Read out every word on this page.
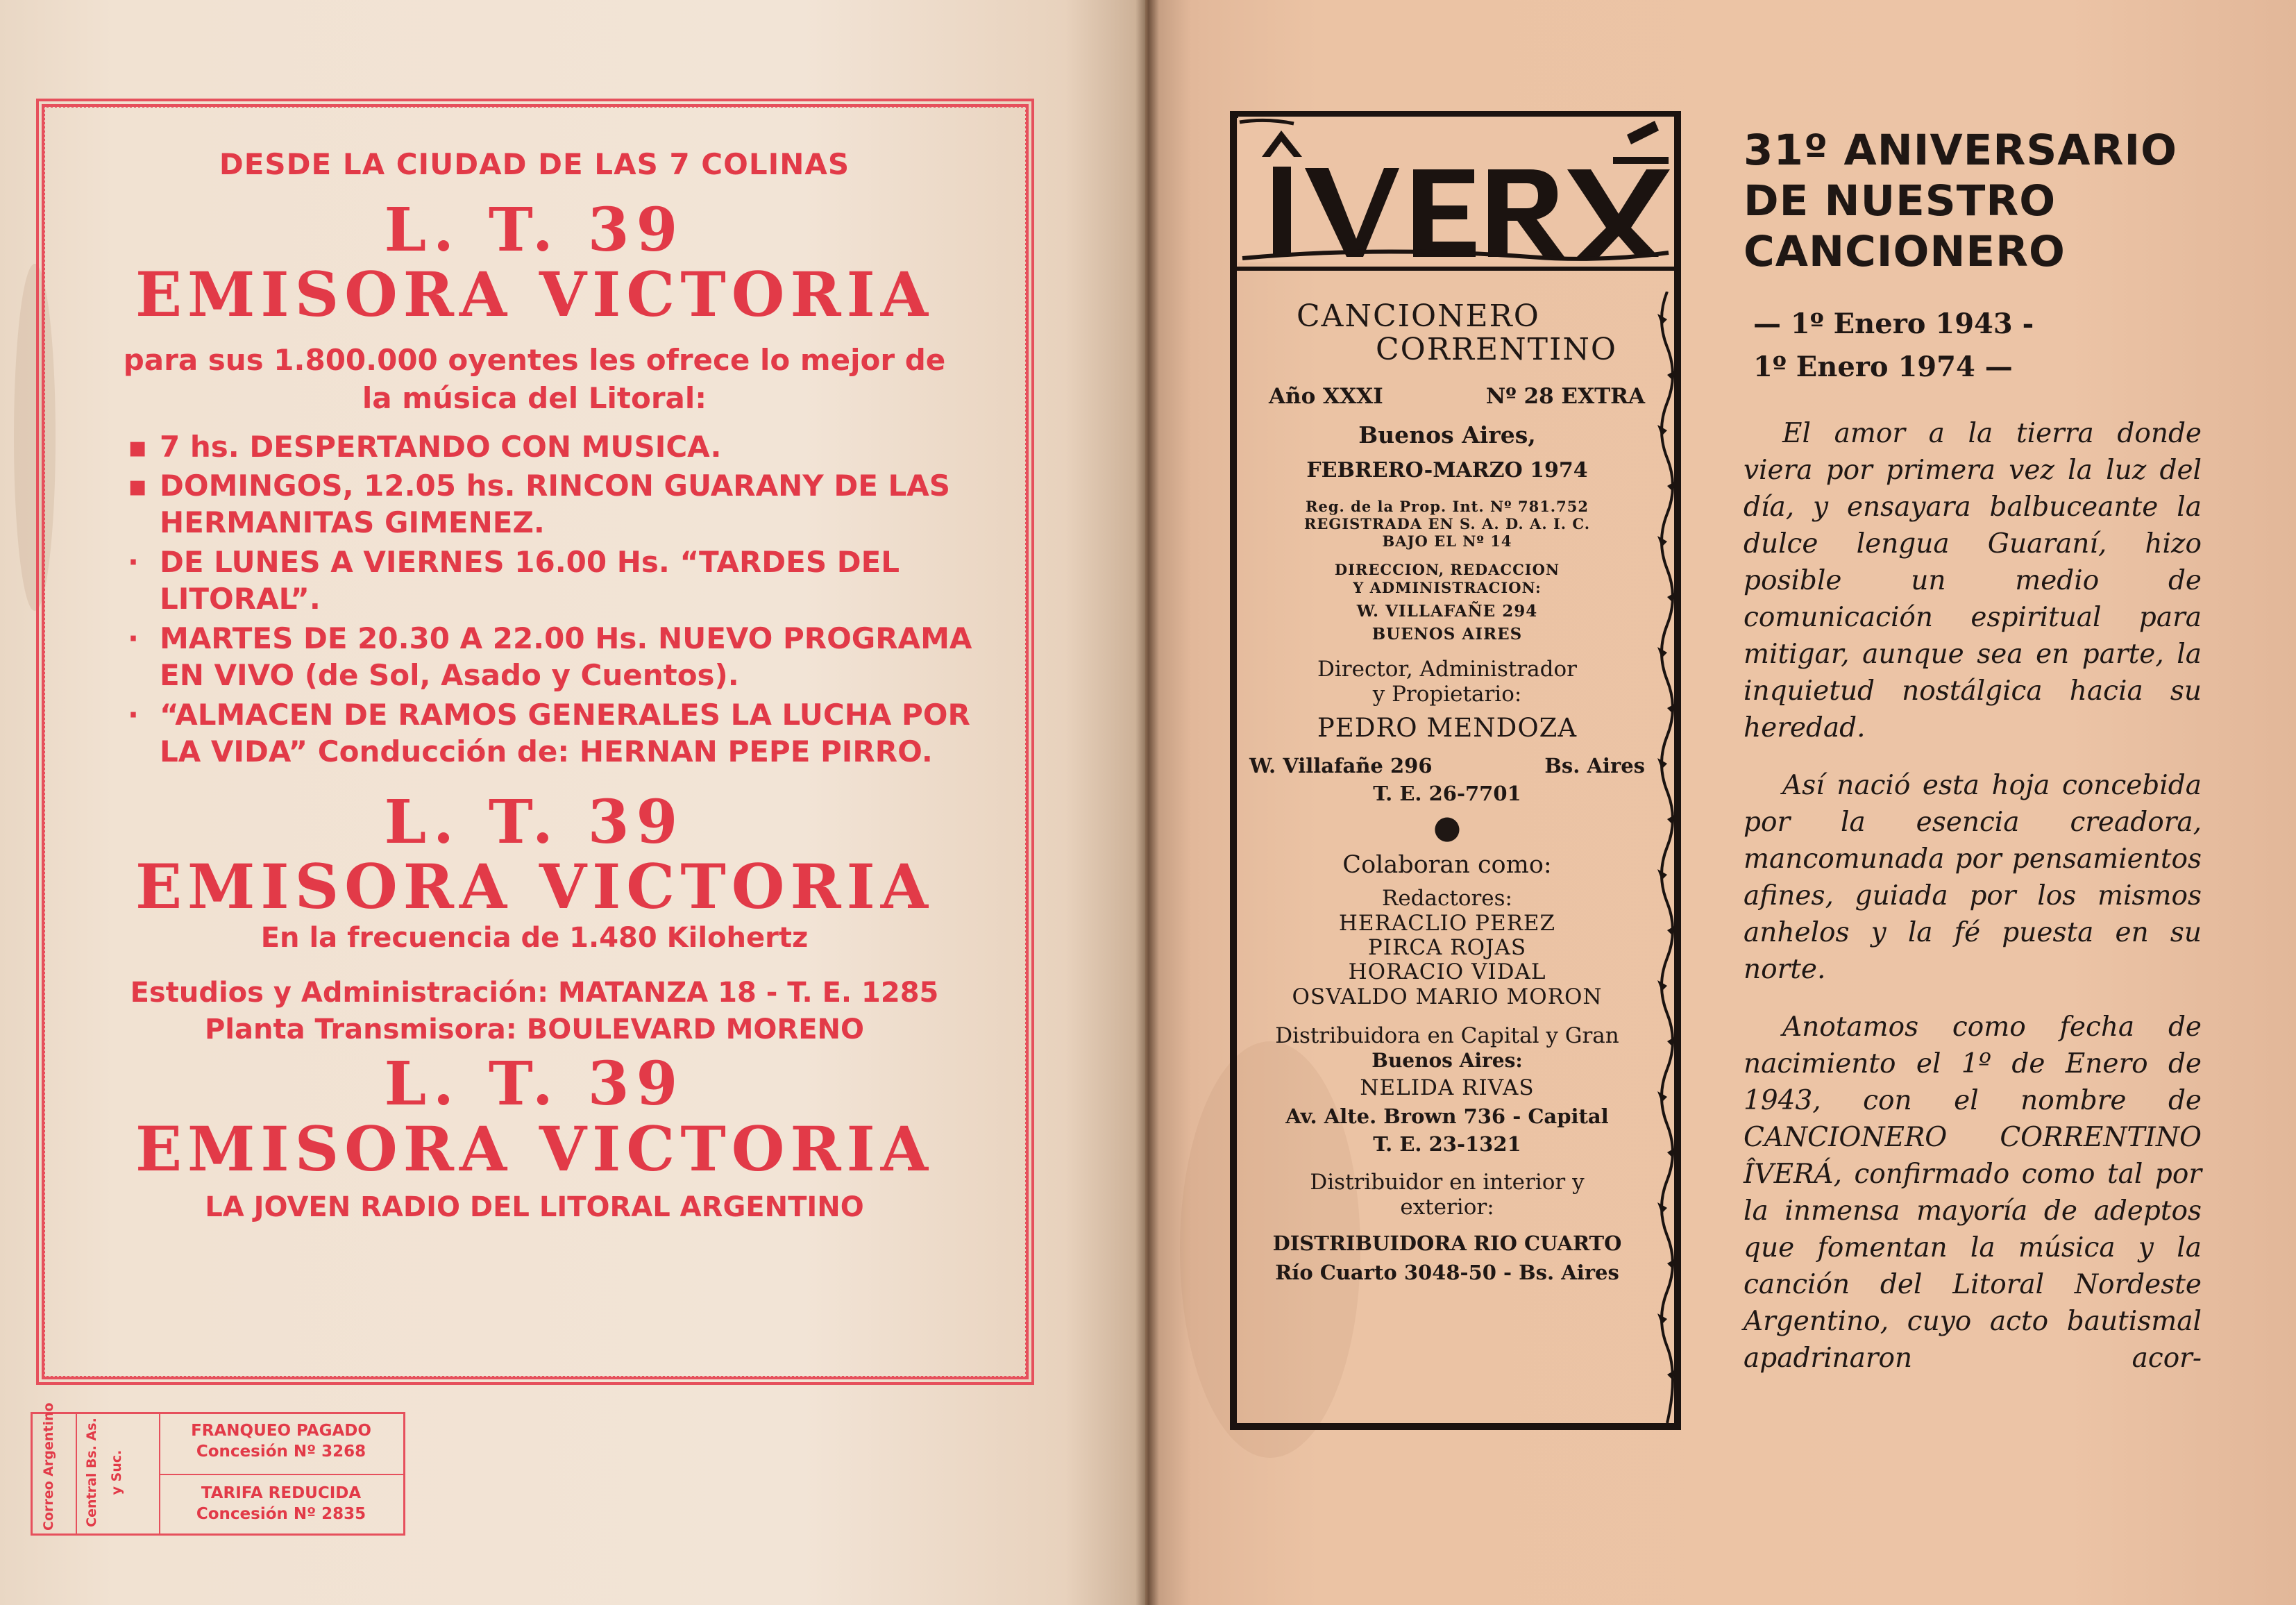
DESDE LA CIUDAD DE LAS 7 COLINAS
L. T. 39
EMISORA VICTORIA
para sus 1.800.000 oyentes les ofrece lo mejor de la música del Litoral:
▪ 7 hs. DESPERTANDO CON MUSICA.
▪ DOMINGOS, 12.05 hs. RINCON GUARANY DE LAS HERMANITAS GIMENEZ.
· DE LUNES A VIERNES 16.00 Hs. “TARDES DEL LITORAL”.
· MARTES DE 20.30 A 22.00 Hs. NUEVO PROGRAMA EN VIVO (de Sol, Asado y Cuentos).
· “ALMACEN DE RAMOS GENERALES LA LUCHA POR LA VIDA” Conducción de: HERNAN PEPE PIRRO.
L. T. 39
EMISORA VICTORIA
En la frecuencia de 1.480 Kilohertz
Estudios y Administración: MATANZA 18 - T. E. 1285
Planta Transmisora: BOULEVARD MORENO
L. T. 39
EMISORA VICTORIA
LA JOVEN RADIO DEL LITORAL ARGENTINO
Correo Argentino Central Bs. As. y Suc.
FRANQUEO PAGADO
Concesión Nº 3268
TARIFA REDUCIDA
Concesión Nº 2835
CANCIONERO
CORRENTINO
Año XXXI	Nº 28 EXTRA
Buenos Aires,
FEBRERO-MARZO 1974
Reg. de la Prop. Int. Nº 781.752
REGISTRADA EN S. A. D. A. I. C.
BAJO EL Nº 14
DIRECCION, REDACCION
Y ADMINISTRACION:
W. VILLAFAÑE 294
BUENOS AIRES
Director, Administrador
y Propietario:
PEDRO MENDOZA
W. Villafañe 296	Bs. Aires
T. E. 26-7701
●
Colaboran como:
Redactores:
HERACLIO PEREZ
PIRCA ROJAS
HORACIO VIDAL
OSVALDO MARIO MORON
Distribuidora en Capital y Gran
Buenos Aires:
NELIDA RIVAS
Av. Alte. Brown 736 - Capital
T. E. 23-1321
Distribuidor en interior y
exterior:
DISTRIBUIDORA RIO CUARTO
Río Cuarto 3048-50 - Bs. Aires
31º ANIVERSARIO
DE NUESTRO
CANCIONERO
— 1º Enero 1943 -
1º Enero 1974 —

El amor a la tierra donde viera por primera vez la luz del día, y ensayara balbuceante la dulce lengua Guaraní, hizo posible un medio de comunicación espiritual para mitigar, aunque sea en parte, la inquietud nostálgica hacia su heredad.

Así nació esta hoja concebida por la esencia creadora, mancomunada por pensamientos afines, guiada por los mismos anhelos y la fé puesta en su norte.

Anotamos como fecha de nacimiento el 1º de Enero de 1943, con el nombre de CANCIONERO CORRENTINO ÎVERÁ, confirmado como tal por la inmensa mayoría de adeptos que fomentan la música y la canción del Litoral Nordeste Argentino, cuyo acto bautismal apadrinaron acor-
